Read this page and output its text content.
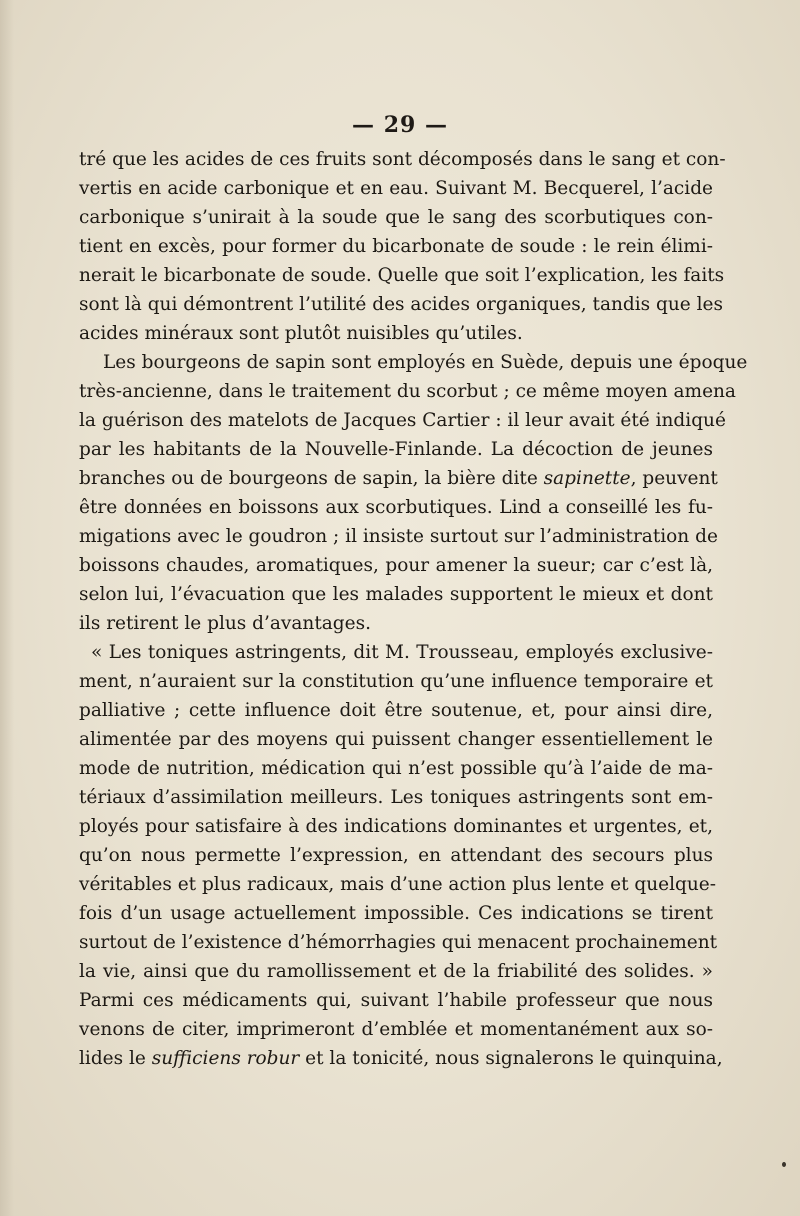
— 29 —
tré que les acides de ces fruits sont décomposés dans le sang et con-
vertis en acide carbonique et en eau. Suivant M. Becquerel, l’acide
carbonique s’unirait à la soude que le sang des scorbutiques con-
tient en excès, pour former du bicarbonate de soude : le rein élimi-
nerait le bicarbonate de soude. Quelle que soit l’explication, les faits
sont là qui démontrent l’utilité des acides organiques, tandis que les
acides minéraux sont plutôt nuisibles qu’utiles.
Les bourgeons de sapin sont employés en Suède, depuis une époque
très-ancienne, dans le traitement du scorbut ; ce même moyen amena
la guérison des matelots de Jacques Cartier : il leur avait été indiqué
par les habitants de la Nouvelle-Finlande. La décoction de jeunes
branches ou de bourgeons de sapin, la bière dite sapinette, peuvent
être données en boissons aux scorbutiques. Lind a conseillé les fu-
migations avec le goudron ; il insiste surtout sur l’administration de
boissons chaudes, aromatiques, pour amener la sueur; car c’est là,
selon lui, l’évacuation que les malades supportent le mieux et dont
ils retirent le plus d’avantages.
« Les toniques astringents, dit M. Trousseau, employés exclusive-
ment, n’auraient sur la constitution qu’une influence temporaire et
palliative ; cette influence doit être soutenue, et, pour ainsi dire,
alimentée par des moyens qui puissent changer essentiellement le
mode de nutrition, médication qui n’est possible qu’à l’aide de ma-
tériaux d’assimilation meilleurs. Les toniques astringents sont em-
ployés pour satisfaire à des indications dominantes et urgentes, et,
qu’on nous permette l’expression, en attendant des secours plus
véritables et plus radicaux, mais d’une action plus lente et quelque-
fois d’un usage actuellement impossible. Ces indications se tirent
surtout de l’existence d’hémorrhagies qui menacent prochainement
la vie, ainsi que du ramollissement et de la friabilité des solides. »
Parmi ces médicaments qui, suivant l’habile professeur que nous
venons de citer, imprimeront d’emblée et momentanément aux so-
lides le sufficiens robur et la tonicité, nous signalerons le quinquina,
